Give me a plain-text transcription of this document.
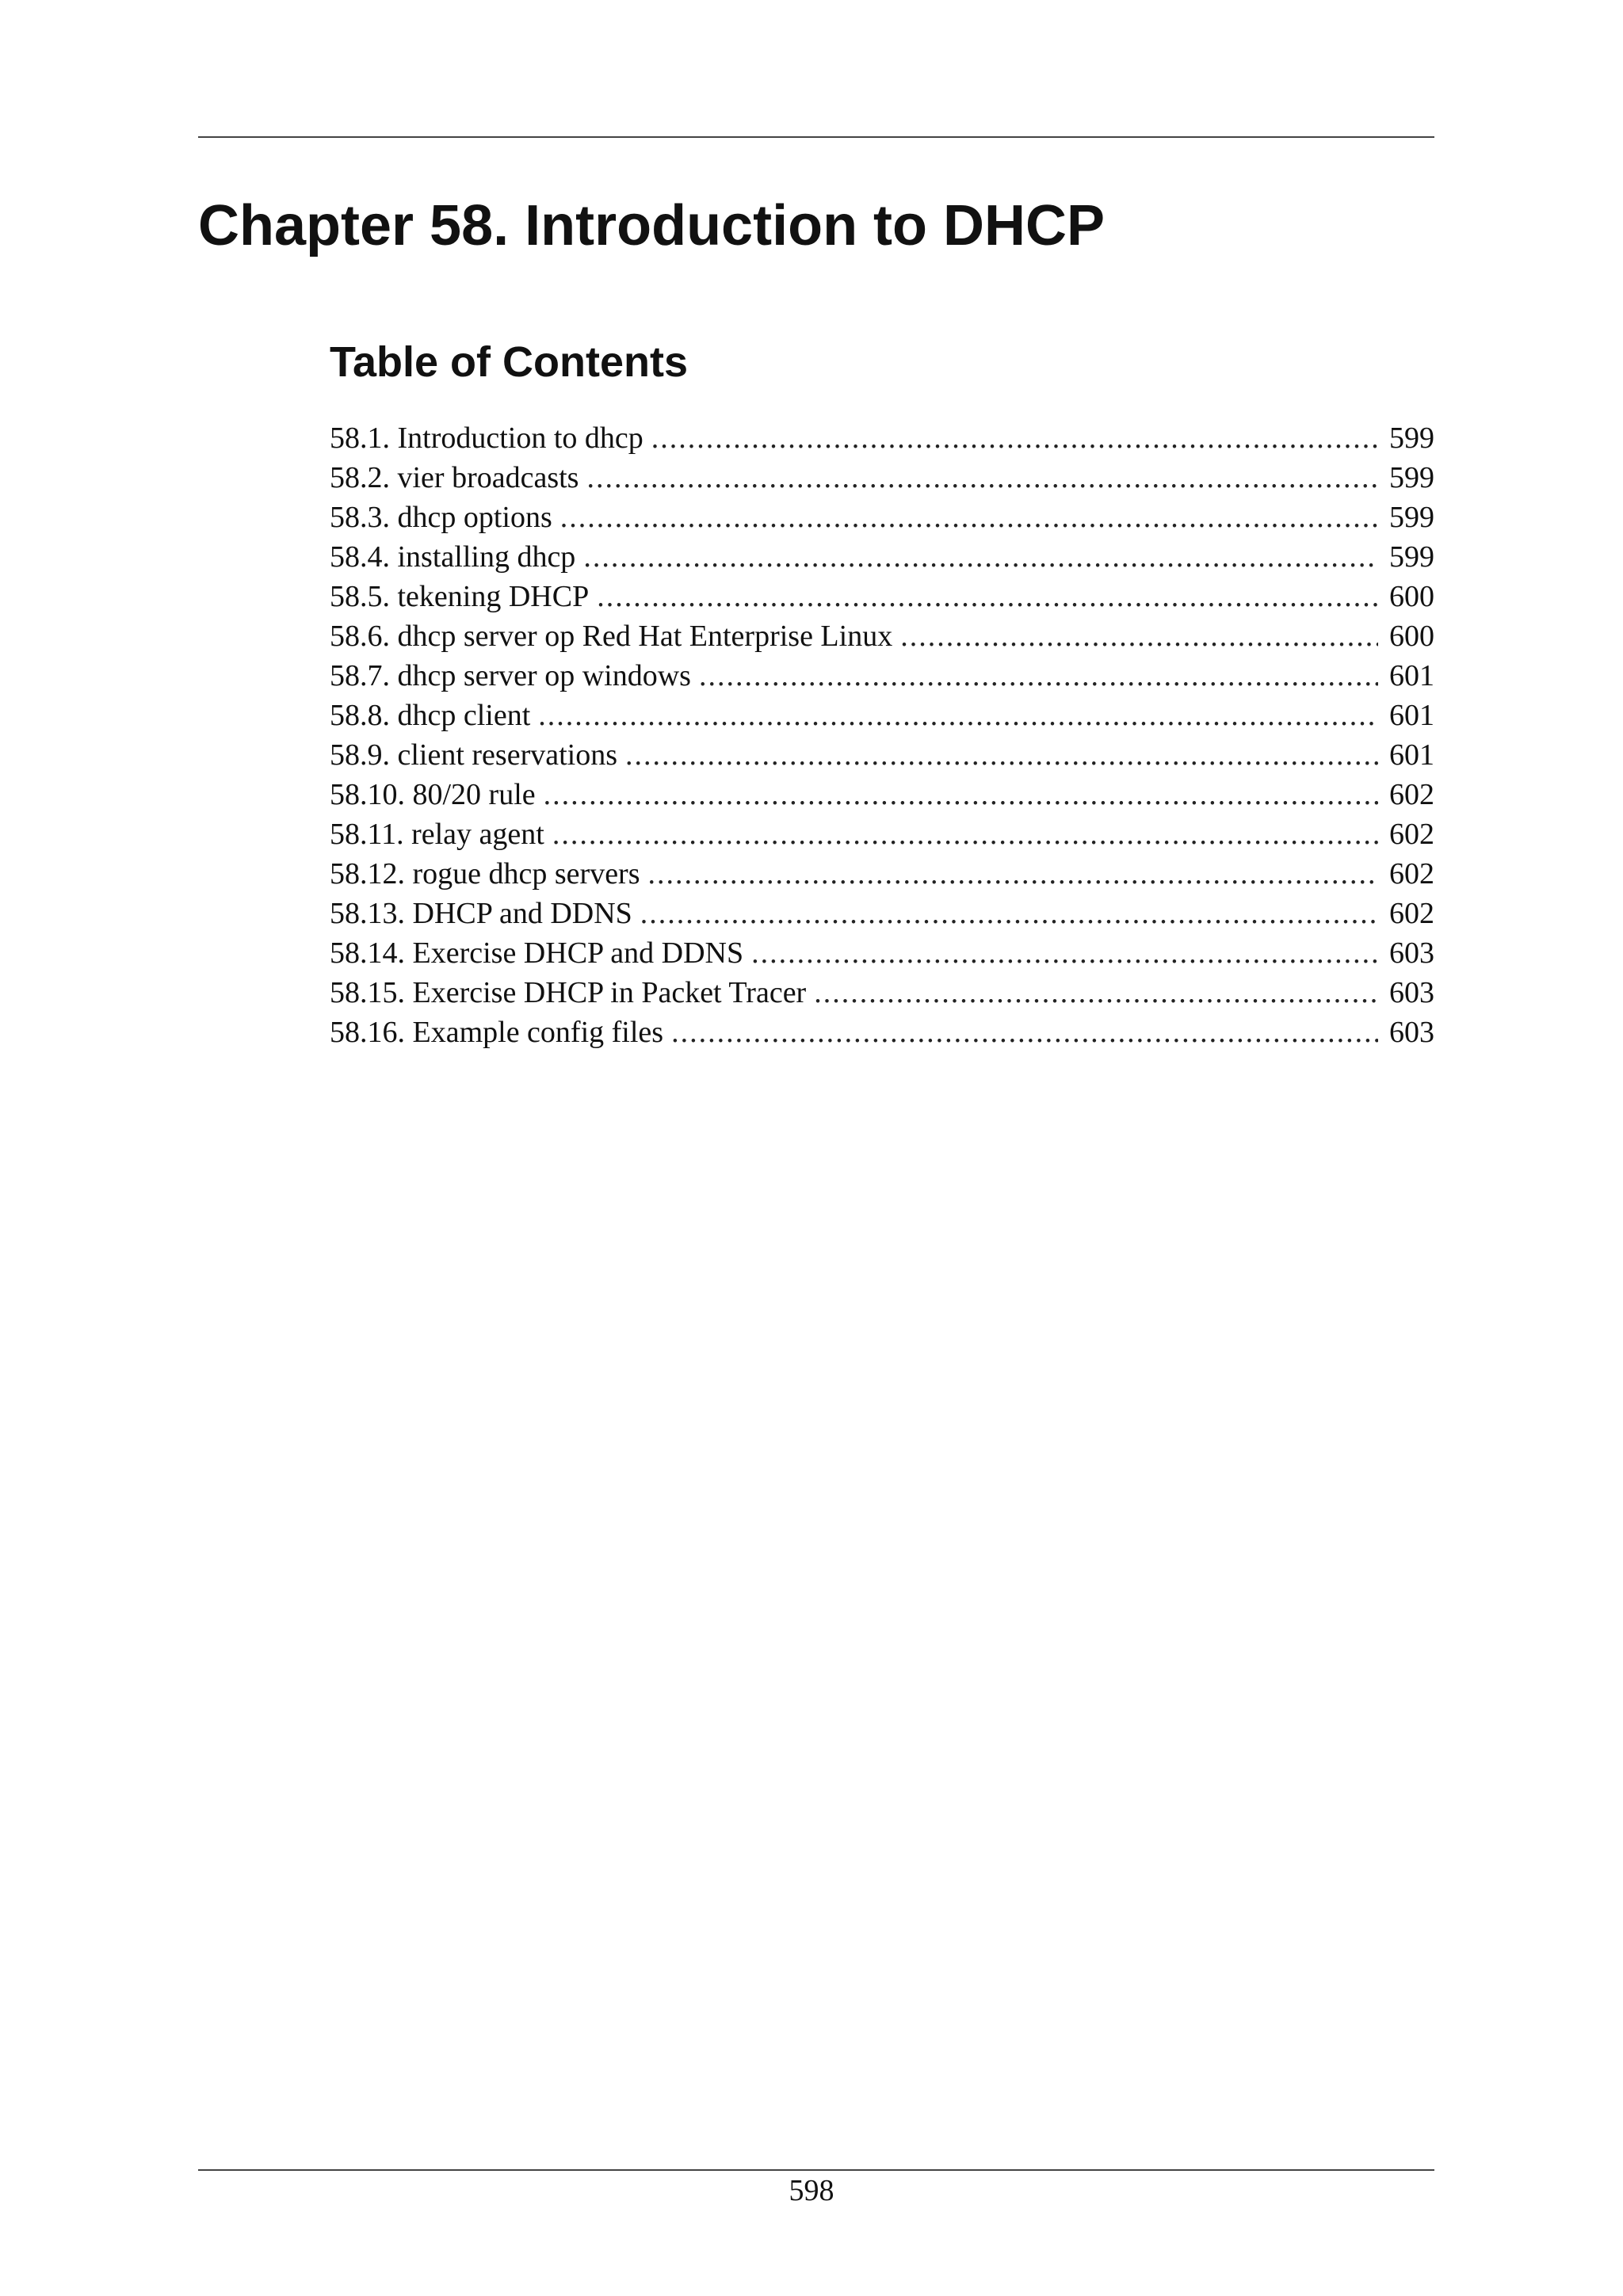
Chapter 58. Introduction to DHCP
Table of Contents
58.1. Introduction to dhcp .....	599
58.2. vier broadcasts .....	599
58.3. dhcp options .....	599
58.4. installing dhcp .....	599
58.5. tekening DHCP .....	600
58.6. dhcp server op Red Hat Enterprise Linux .....	600
58.7. dhcp server op windows .....	601
58.8. dhcp client .....	601
58.9. client reservations .....	601
58.10. 80/20 rule .....	602
58.11. relay agent .....	602
58.12. rogue dhcp servers .....	602
58.13. DHCP and DDNS .....	602
58.14. Exercise DHCP and DDNS .....	603
58.15. Exercise DHCP in Packet Tracer .....	603
58.16. Example config files .....	603
598
